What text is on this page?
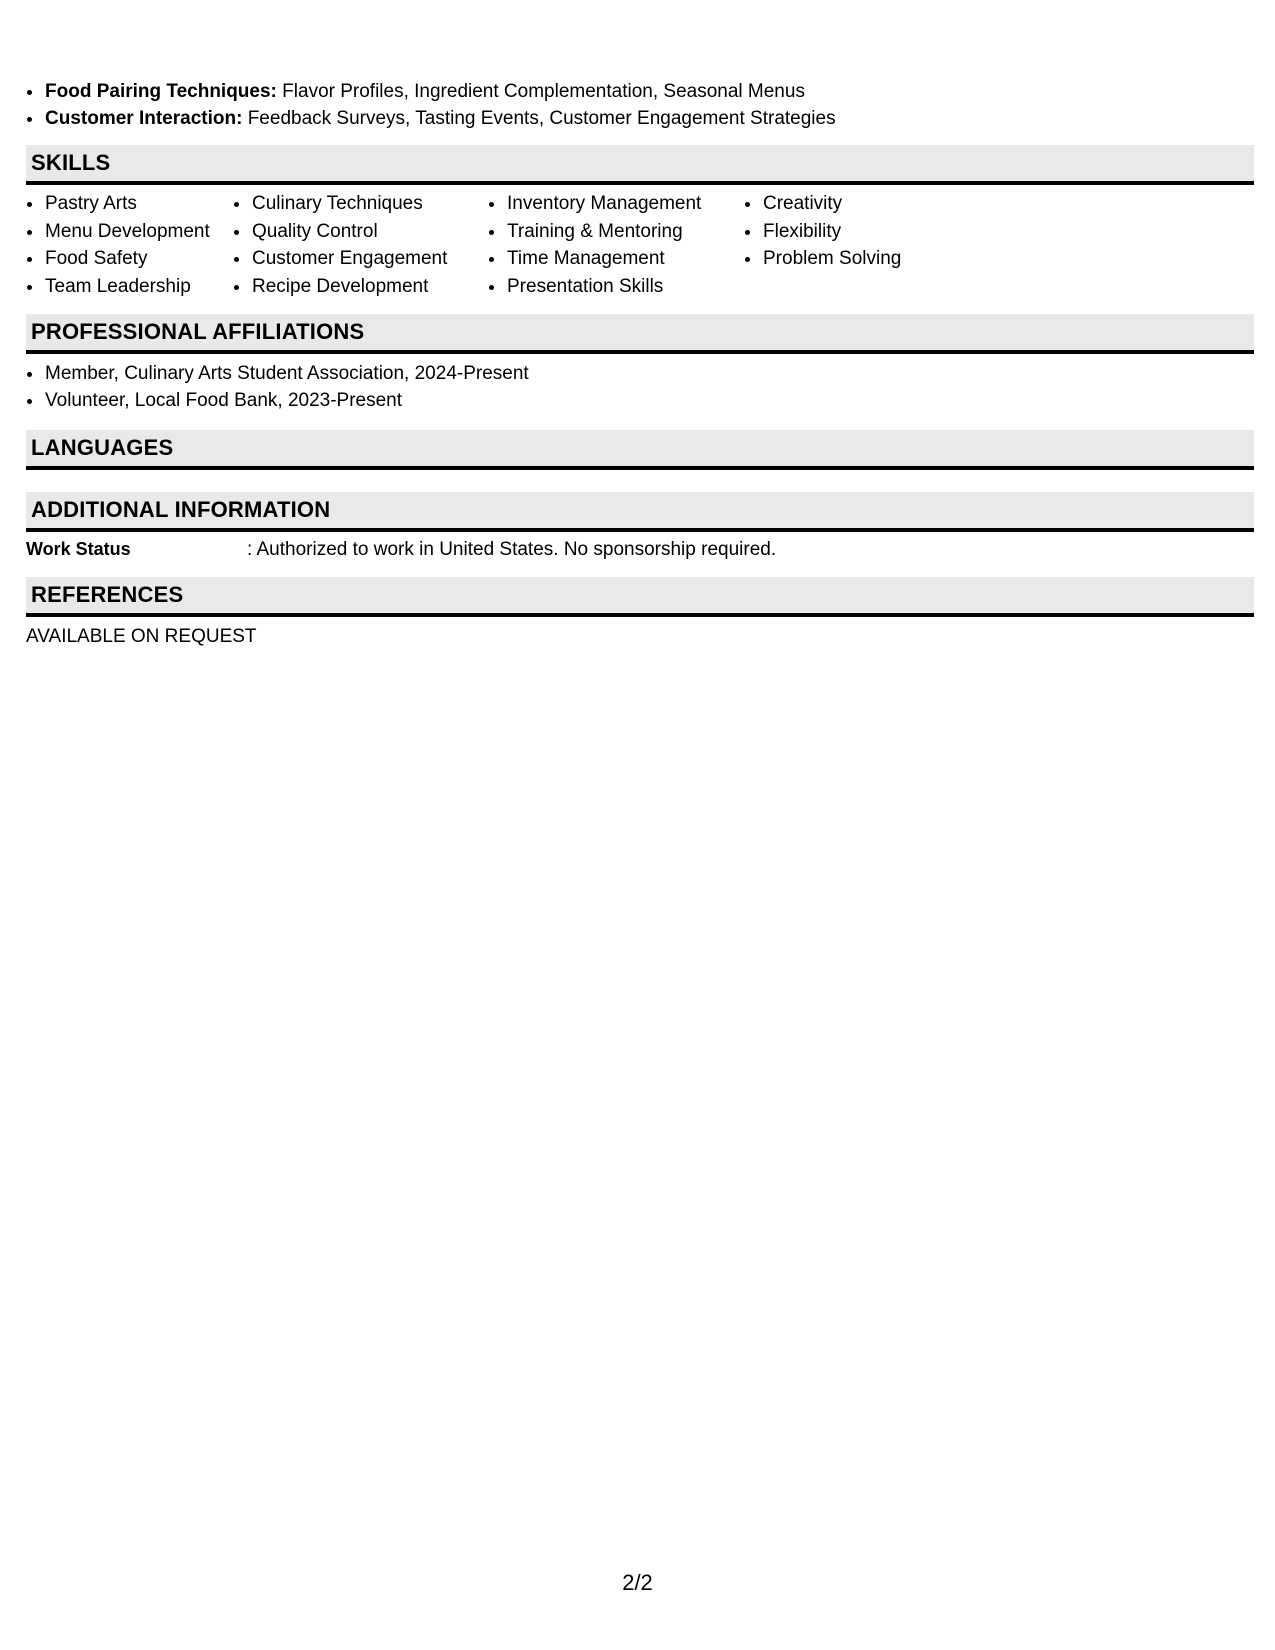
• Food Pairing Techniques: Flavor Profiles, Ingredient Complementation, Seasonal Menus
• Customer Interaction: Feedback Surveys, Tasting Events, Customer Engagement Strategies
SKILLS
• Pastry Arts
• Menu Development
• Food Safety
• Team Leadership
• Culinary Techniques
• Quality Control
• Customer Engagement
• Recipe Development
• Inventory Management
• Training & Mentoring
• Time Management
• Presentation Skills
• Creativity
• Flexibility
• Problem Solving
PROFESSIONAL AFFILIATIONS
• Member, Culinary Arts Student Association, 2024-Present
• Volunteer, Local Food Bank, 2023-Present
LANGUAGES
ADDITIONAL INFORMATION
Work Status	: Authorized to work in United States. No sponsorship required.
REFERENCES
AVAILABLE ON REQUEST
2/2
